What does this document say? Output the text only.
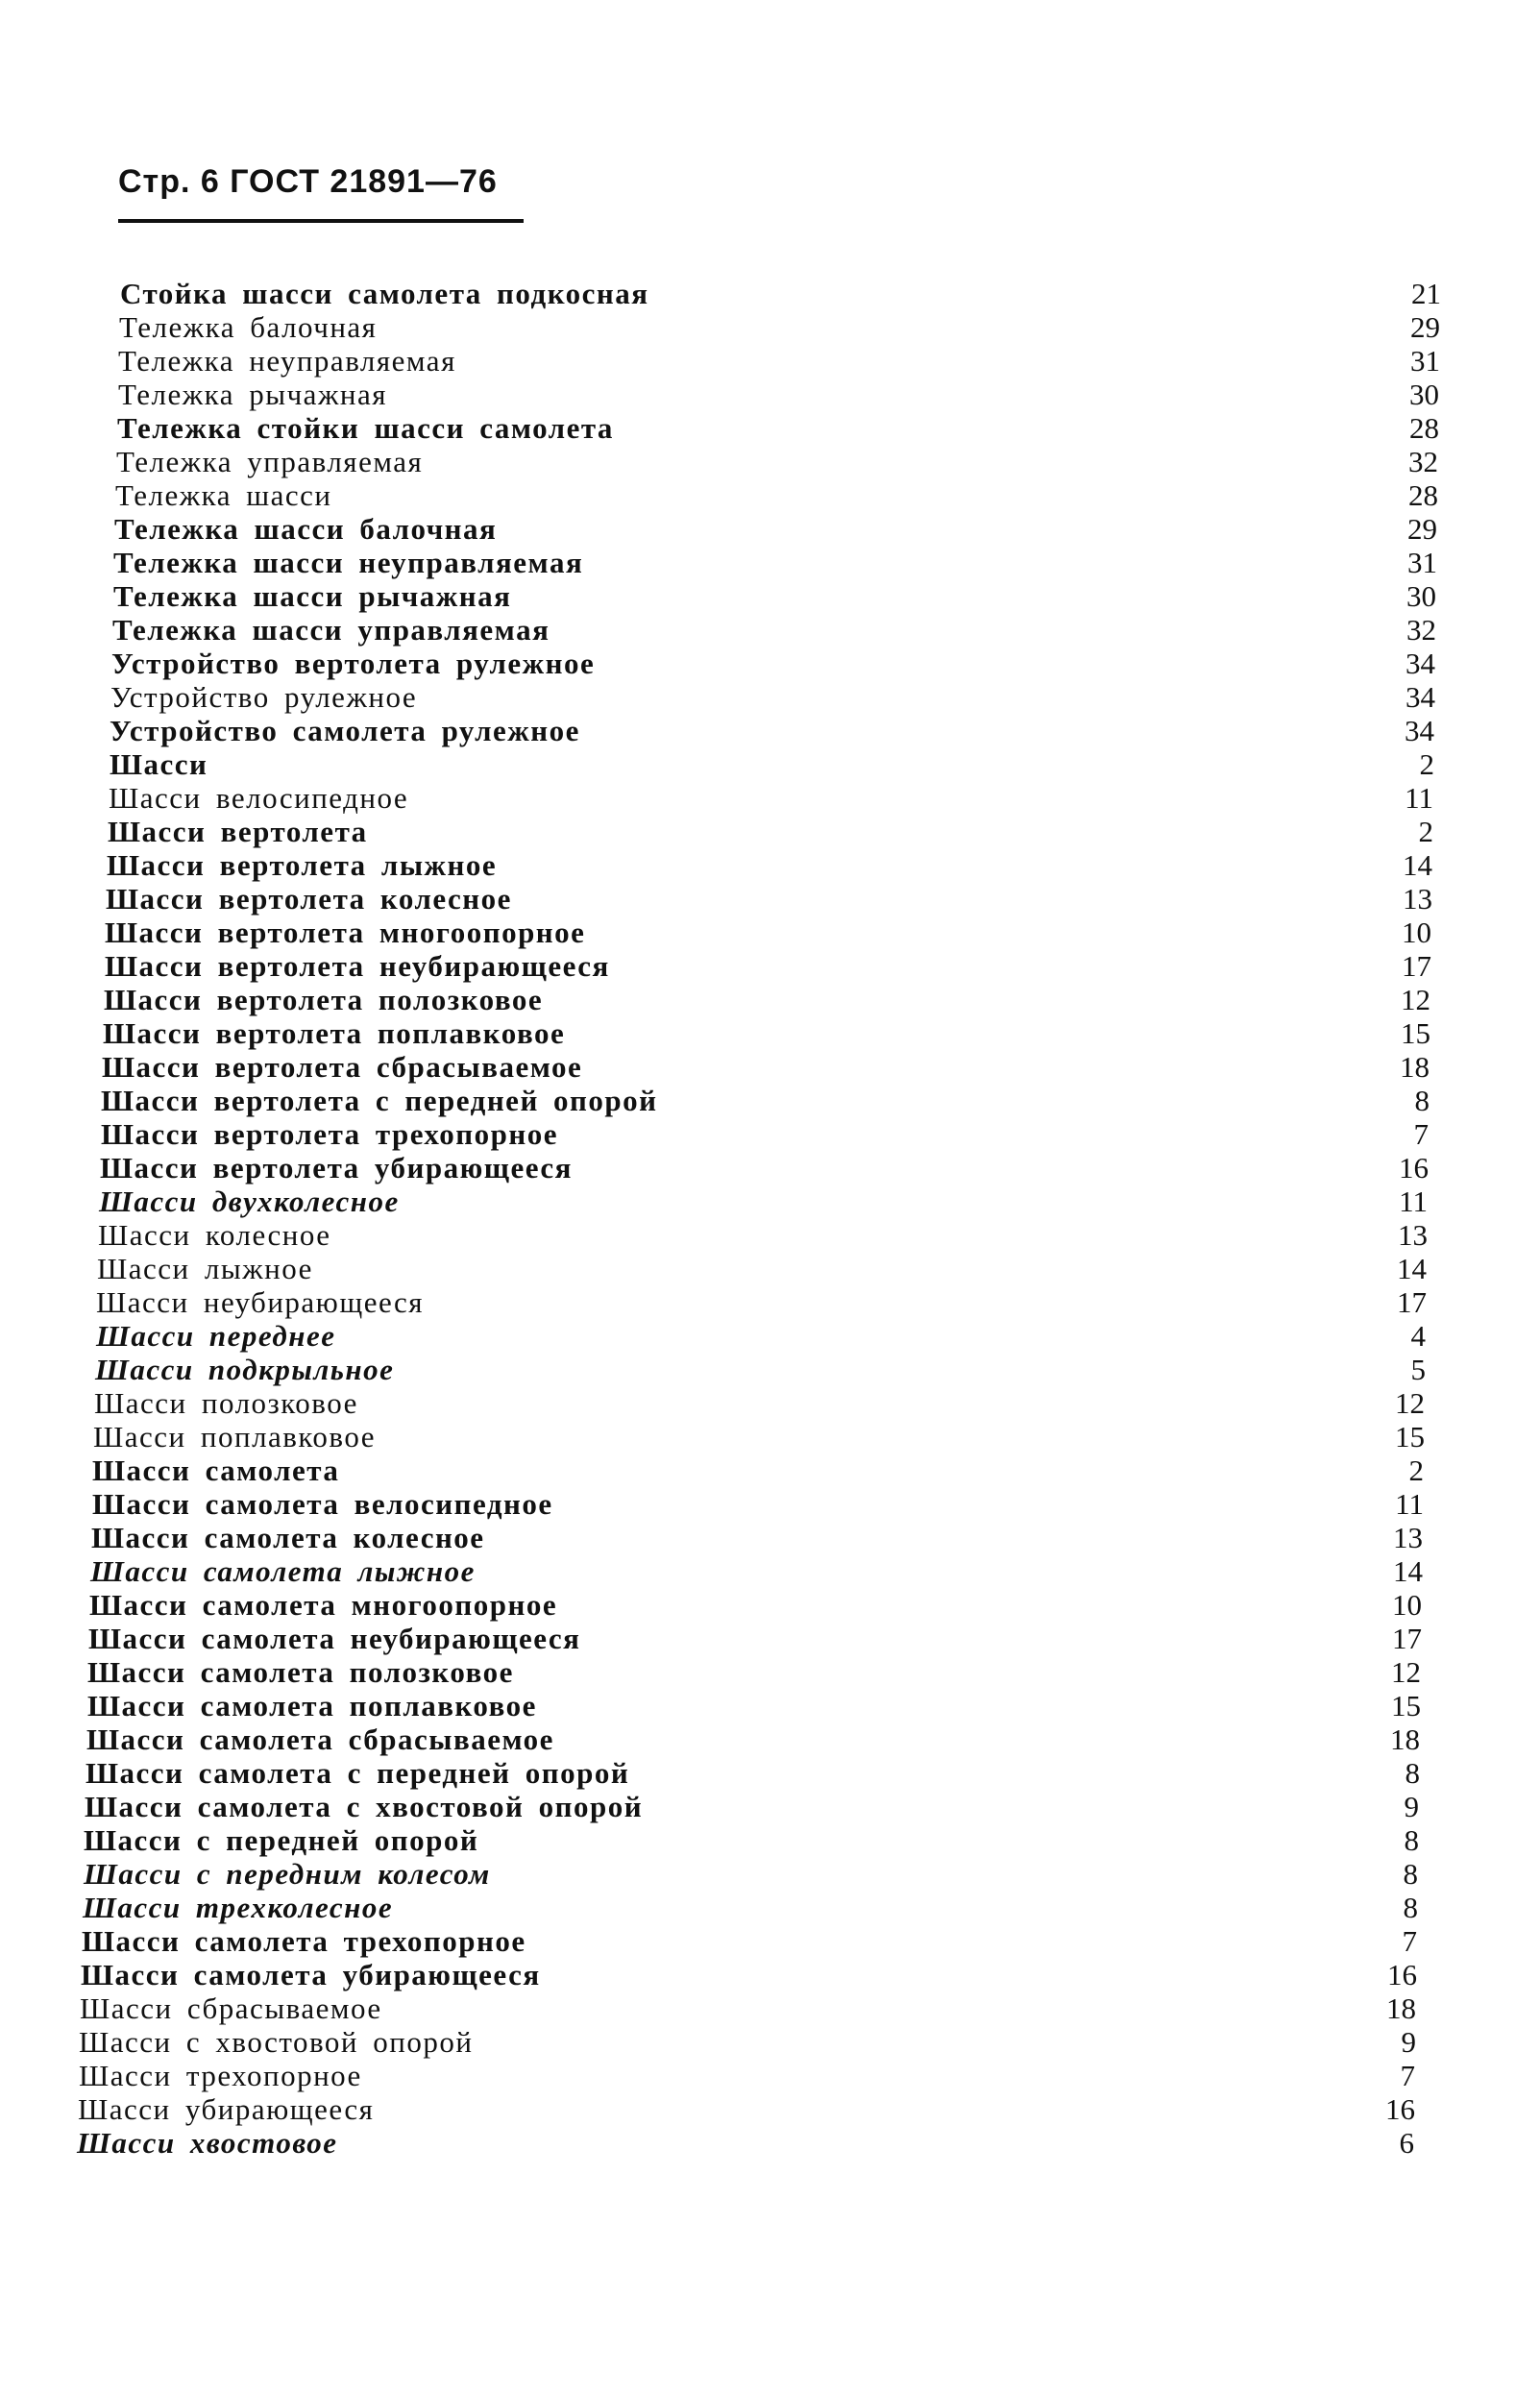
Стр. 6 ГОСТ 21891—76
Стойка шасси самолета подкосная	21
Тележка балочная	29
Тележка неуправляемая	31
Тележка рычажная	30
Тележка стойки шасси самолета	28
Тележка управляемая	32
Тележка шасси	28
Тележка шасси балочная	29
Тележка шасси неуправляемая	31
Тележка шасси рычажная	30
Тележка шасси управляемая	32
Устройство вертолета рулежное	34
Устройство рулежное	34
Устройство самолета рулежное	34
Шасси	2
Шасси велосипедное	11
Шасси вертолета	2
Шасси вертолета лыжное	14
Шасси вертолета колесное	13
Шасси вертолета многоопорное	10
Шасси вертолета неубирающееся	17
Шасси вертолета полозковое	12
Шасси вертолета поплавковое	15
Шасси вертолета сбрасываемое	18
Шасси вертолета с передней опорой	8
Шасси вертолета трехопорное	7
Шасси вертолета убирающееся	16
Шасси двухколесное	11
Шасси колесное	13
Шасси лыжное	14
Шасси неубирающееся	17
Шасси переднее	4
Шасси подкрыльное	5
Шасси полозковое	12
Шасси поплавковое	15
Шасси самолета	2
Шасси самолета велосипедное	11
Шасси самолета колесное	13
Шасси самолета лыжное	14
Шасси самолета многоопорное	10
Шасси самолета неубирающееся	17
Шасси самолета полозковое	12
Шасси самолета поплавковое	15
Шасси самолета сбрасываемое	18
Шасси самолета с передней опорой	8
Шасси самолета с хвостовой опорой	9
Шасси с передней опорой	8
Шасси с передним колесом	8
Шасси трехколесное	8
Шасси самолета трехопорное	7
Шасси самолета убирающееся	16
Шасси сбрасываемое	18
Шасси с хвостовой опорой	9
Шасси трехопорное	7
Шасси убирающееся	16
Шасси хвостовое	6
